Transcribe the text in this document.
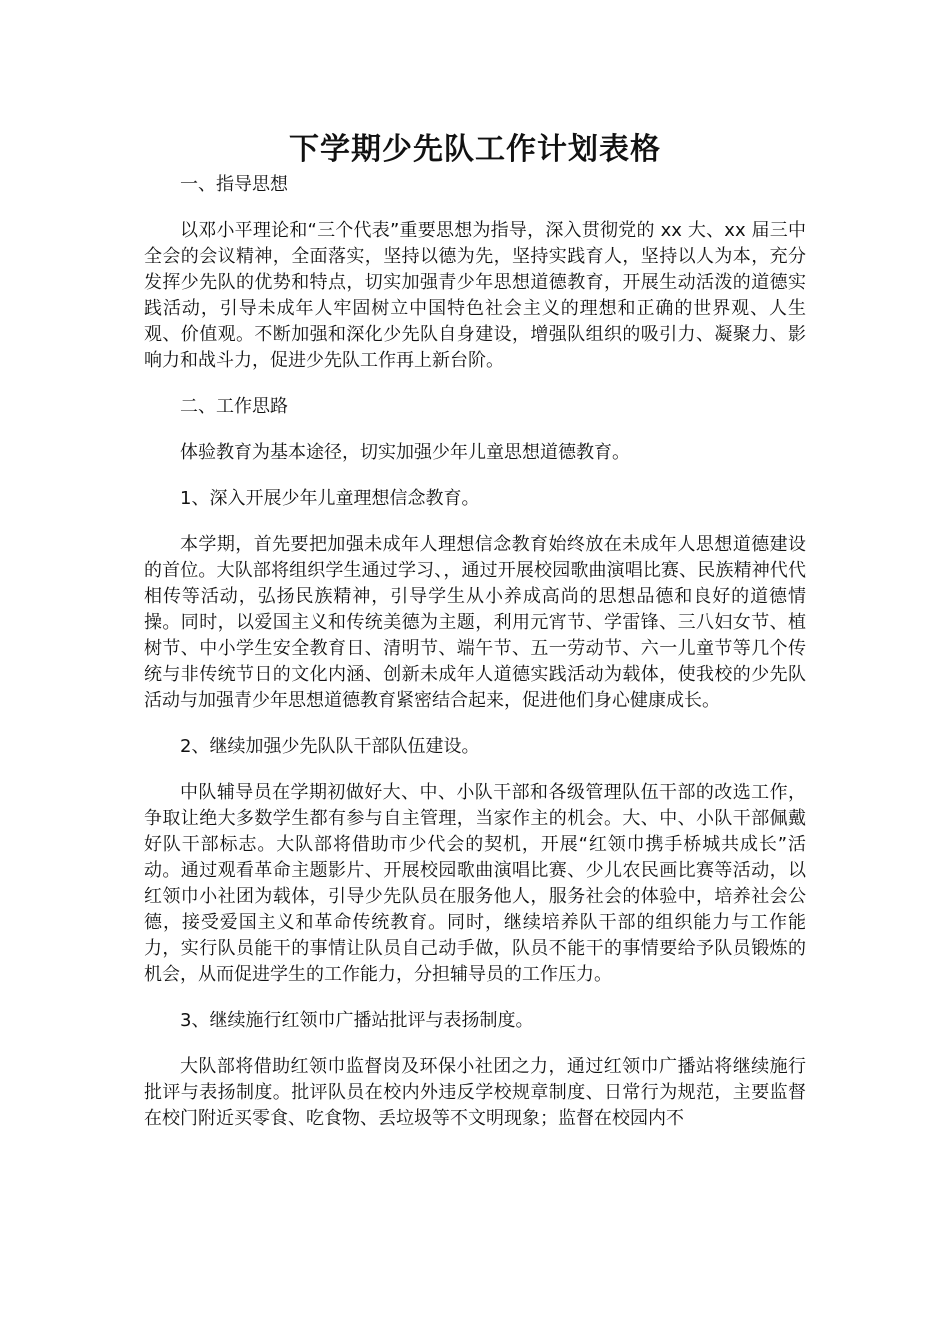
下学期少先队工作计划表格

一、指导思想

以邓小平理论和“三个代表”重要思想为指导，深入贯彻党的 xx 大、xx 届三中全会的会议精神，全面落实，坚持以德为先，坚持实践育人，坚持以人为本，充分发挥少先队的优势和特点，切实加强青少年思想道德教育，开展生动活泼的道德实践活动，引导未成年人牢固树立中国特色社会主义的理想和正确的世界观、人生观、价值观。不断加强和深化少先队自身建设，增强队组织的吸引力、凝聚力、影响力和战斗力，促进少先队工作再上新台阶。

二、工作思路

体验教育为基本途径，切实加强少年儿童思想道德教育。

1、深入开展少年儿童理想信念教育。

本学期，首先要把加强未成年人理想信念教育始终放在未成年人思想道德建设的首位。大队部将组织学生通过学习、，通过开展校园歌曲演唱比赛、民族精神代代相传等活动，弘扬民族精神，引导学生从小养成高尚的思想品德和良好的道德情操。同时，以爱国主义和传统美德为主题，利用元宵节、学雷锋、三八妇女节、植树节、中小学生安全教育日、清明节、端午节、五一劳动节、六一儿童节等几个传统与非传统节日的文化内涵、创新未成年人道德实践活动为载体，使我校的少先队活动与加强青少年思想道德教育紧密结合起来，促进他们身心健康成长。

2、继续加强少先队队干部队伍建设。

中队辅导员在学期初做好大、中、小队干部和各级管理队伍干部的改选工作，争取让绝大多数学生都有参与自主管理，当家作主的机会。大、中、小队干部佩戴好队干部标志。大队部将借助市少代会的契机，开展“红领巾携手桥城共成长”活动。通过观看革命主题影片、开展校园歌曲演唱比赛、少儿农民画比赛等活动，以红领巾小社团为载体，引导少先队员在服务他人，服务社会的体验中，培养社会公德，接受爱国主义和革命传统教育。同时，继续培养队干部的组织能力与工作能力，实行队员能干的事情让队员自己动手做，队员不能干的事情要给予队员锻炼的机会，从而促进学生的工作能力，分担辅导员的工作压力。

3、继续施行红领巾广播站批评与表扬制度。

大队部将借助红领巾监督岗及环保小社团之力，通过红领巾广播站将继续施行批评与表扬制度。批评队员在校内外违反学校规章制度、日常行为规范，主要监督在校门附近买零食、吃食物、丢垃圾等不文明现象；监督在校园内不
